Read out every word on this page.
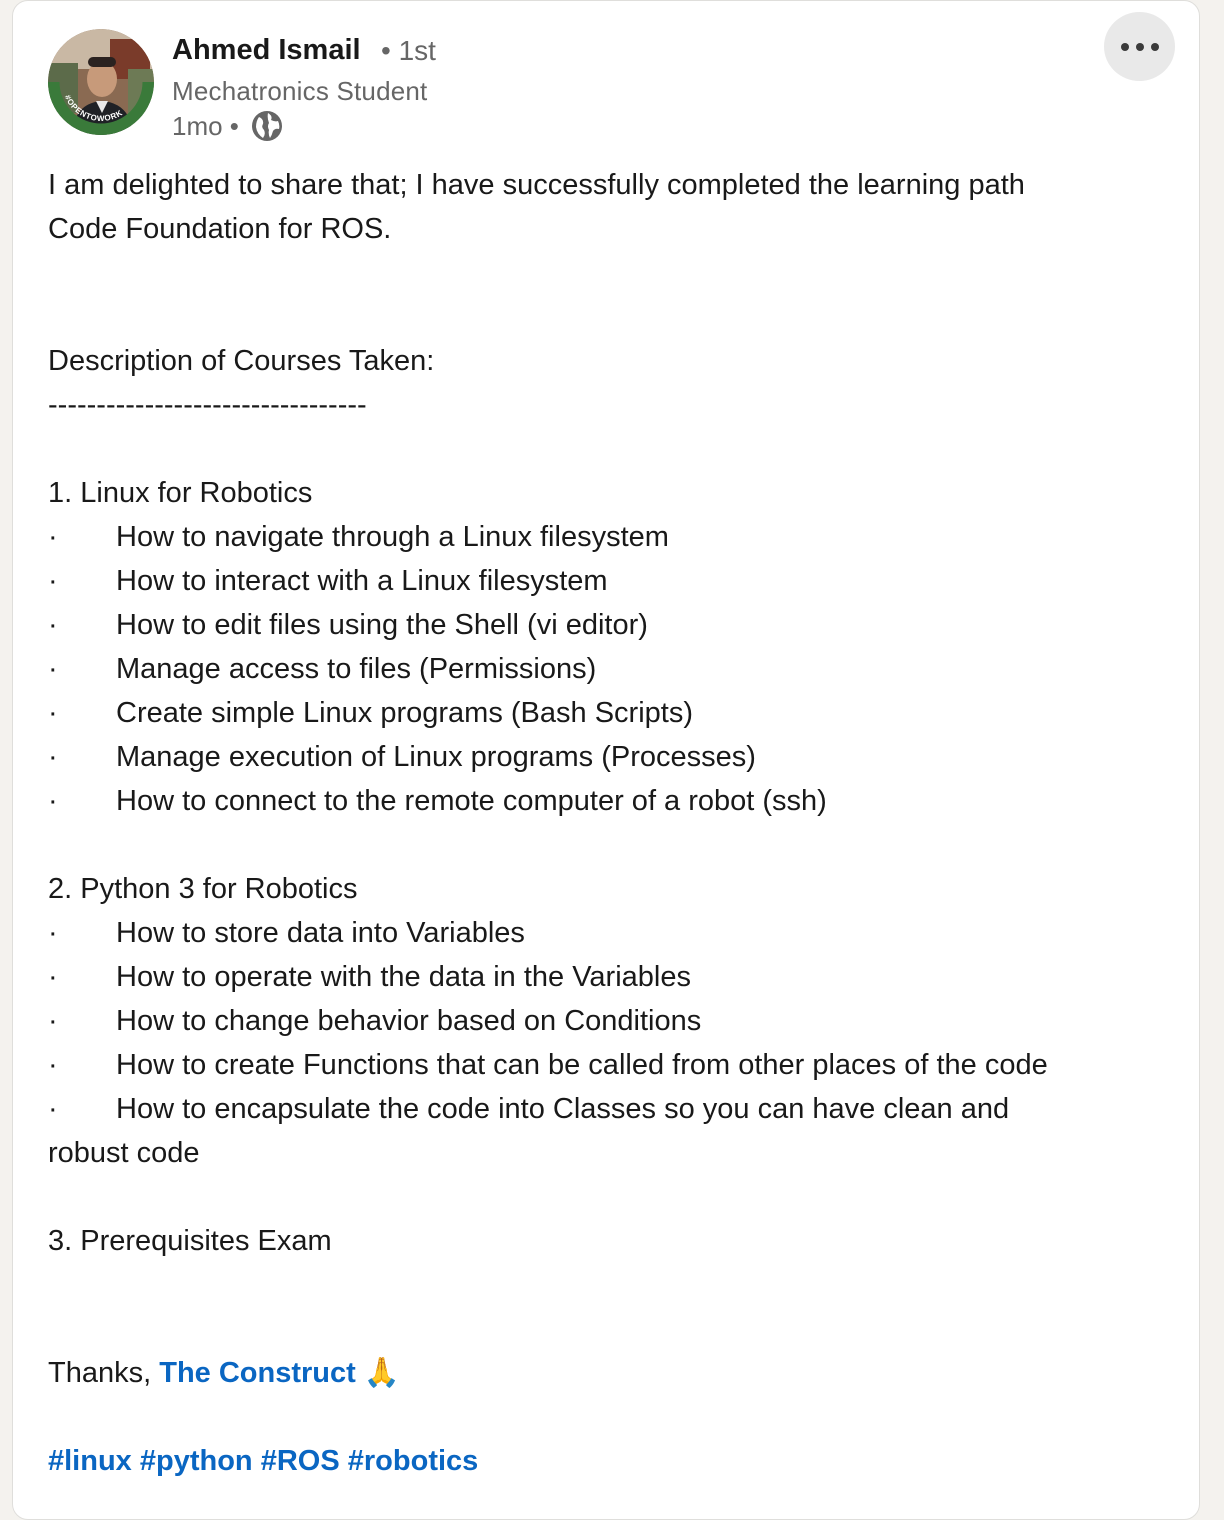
#OPENTOWORK
Ahmed Ismail • 1st
Mechatronics Student
1mo •
I am delighted to share that; I have successfully completed the learning path
Code Foundation for ROS.
Description of Courses Taken:
---------------------------------
1. Linux for Robotics
· How to navigate through a Linux filesystem
· How to interact with a Linux filesystem
· How to edit files using the Shell (vi editor)
· Manage access to files (Permissions)
· Create simple Linux programs (Bash Scripts)
· Manage execution of Linux programs (Processes)
· How to connect to the remote computer of a robot (ssh)
2. Python 3 for Robotics
· How to store data into Variables
· How to operate with the data in the Variables
· How to change behavior based on Conditions
· How to create Functions that can be called from other places of the code
· How to encapsulate the code into Classes so you can have clean and
robust code
3. Prerequisites Exam
Thanks, The Construct 🙏
#linux #python #ROS #robotics
